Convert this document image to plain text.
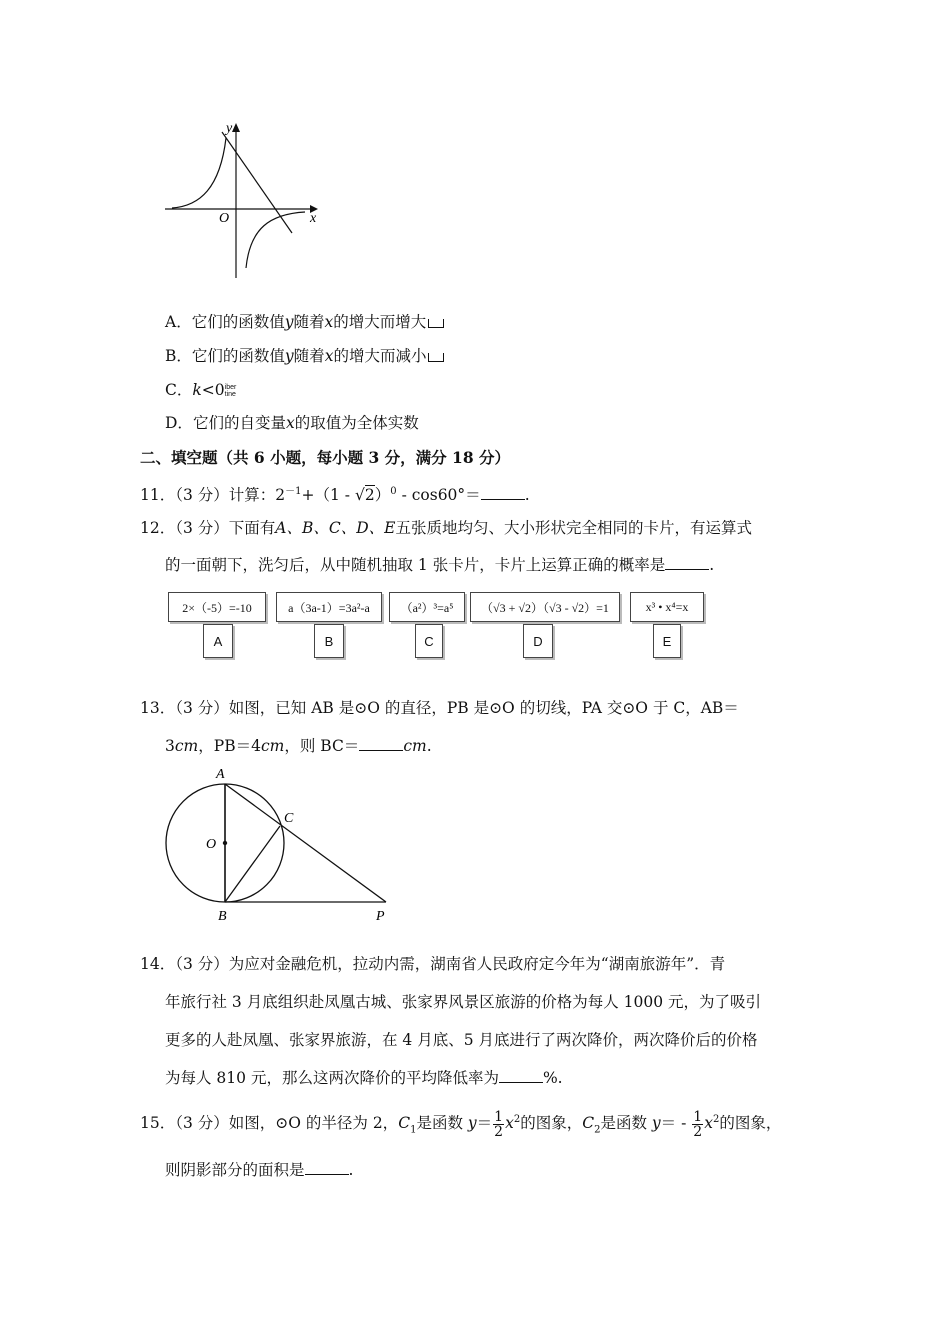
y
x
O
A．它们的函数值y随着x的增大而增大
B．它们的函数值y随着x的增大而减小
C．k<0 iber
tine
D．它们的自变量x的取值为全体实数
二、填空题（共 6 小题，每小题 3 分，满分 18 分）
11．（3 分）计算：$2^{-1}+(1 - √2)^0 - \cos 60^\circ=$	.
12．（3 分）下面有A、B、C、D、E五张质地均匀、大小形状完全相同的卡片，有运算式
的一面朝下，洗匀后，从中随机抽取 1 张卡片，卡片上运算正确的概率是	.
2×（-5）=-10	a（3a-1）=3a²-a	（a²）³=a⁵	（√3 + √2）（√3 - √2）=1	x³ • x⁴=x
A	B	C	D	E
13．（3 分）如图，已知 AB 是⊙O 的直径，PB 是⊙O 的切线，PA 交⊙O 于 C，AB＝
3cm，PB＝4cm，则 BC＝	cm.
A
O
C
B	P
14．（3 分）为应对金融危机，拉动内需，湖南省人民政府定今年为“湖南旅游年”．青
年旅行社 3 月底组织赴凤凰古城、张家界风景区旅游的价格为每人 1000 元，为了吸引
更多的人赴凤凰、张家界旅游，在 4 月底、5 月底进行了两次降价，两次降价后的价格
为每人 810 元，那么这两次降价的平均降低率为	%.
15．（3 分）如图，⊙O 的半径为 2，$C_1$是函数 $y= \frac{1}{2} x^2$的图象，$C_2$是函数 $y= - \frac{1}{2} x^2$的图象，
则阴影部分的面积是	.
